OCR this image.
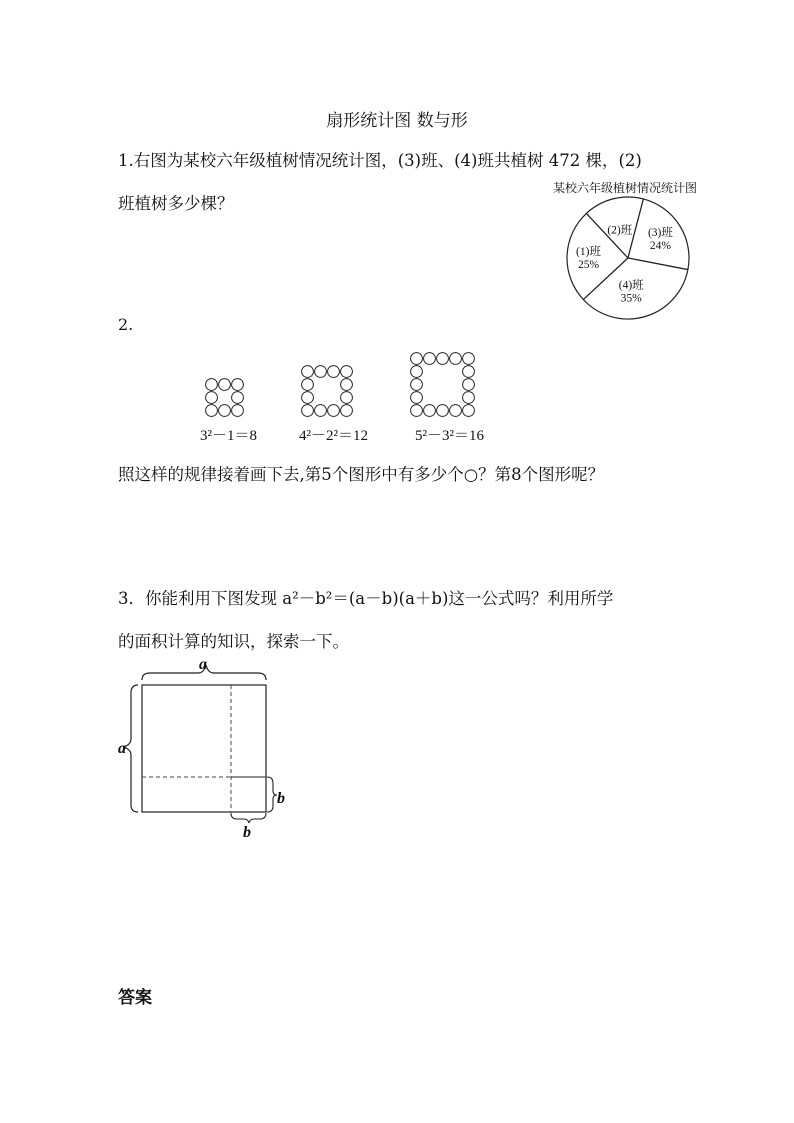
扇形统计图 数与形
1.右图为某校六年级植树情况统计图，(3)班、(4)班共植树 472 棵，(2)
班植树多少棵？
某校六年级植树情况统计图
(1)班
25%
(2)班 (3)班
24%
(4)班
35%
2.
3²－1＝8	4²－2²＝12	5²－3²＝16
照这样的规律接着画下去,第5个图形中有多少个○？第8个图形呢？
3．你能利用下图发现 a²－b²＝(a－b)(a＋b)这一公式吗？利用所学
的面积计算的知识，探索一下。
a
a
b
b
答案
